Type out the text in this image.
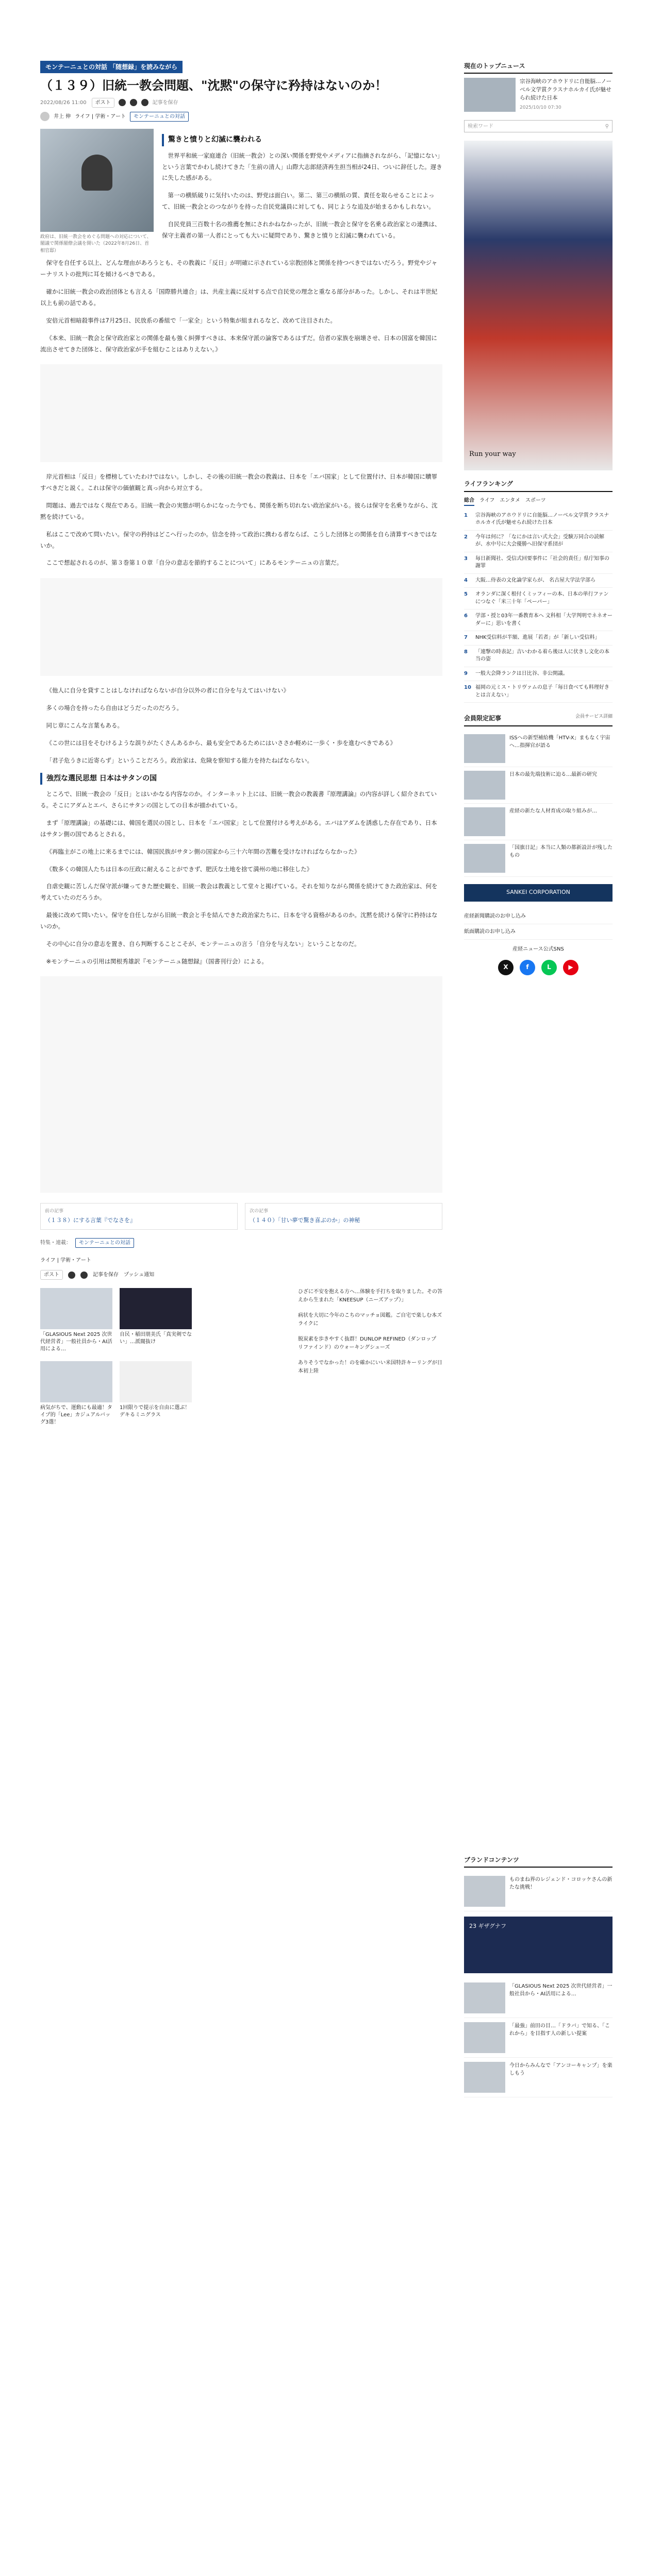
モンテーニュとの対話 「随想録」を読みながら
（１３９）旧統一教会問題、"沈黙"の保守に矜持はないのか！
2022/08/26 11:00	ポスト	記事を保存
井上 伸 ライフ | 学術・アート	モンテーニュとの対話

政府は、旧統一教会をめぐる問題への対応について、閣議で関係閣僚会議を開いた（2022年8月26日、首相官邸）

驚きと憤りと幻滅に襲われる

世界平和統一家庭連合（旧統一教会）との深い関係を野党やメディアに指摘されながら、「記憶にない」という言葉でかわし続けてきた「生前の清人」山際大志郎経済再生担当相が24日、ついに辞任した。遅きに失した感がある。

第一の横紙破りに気付いたのは、野党は面白い。第二、第三の横紙の質、責任を取らせることによって、旧統一教会とのつながりを持った自民党議員に対しても、同じような追及が始まるかもしれない。

自民党員三百数十名の推薦を無にされかねなかったが、旧統一教会と保守を名乗る政治家との連携は、保守主義者の第一人者にとっても大いに疑問であり、驚きと憤りと幻滅に襲われている。

保守を自任する以上、どんな理由があろうとも、その教義に「反日」が明確に示されている宗教団体と関係を持つべきではないだろう。野党やジャーナリストの批判に耳を傾けるべきである。

確かに旧統一教会の政治団体とも言える「国際勝共連合」は、共産主義に反対する点で自民党の理念と重なる部分があった。しかし、それは半世紀以上も前の話である。

安倍元首相暗殺事件は7月25日、民放系の番組で「一家全」という特集が組まれるなど、改めて注目された。

《本来、旧統一教会と保守政治家との関係を最も強く糾弾すべきは、本来保守派の論客であるはずだ。信者の家族を崩壊させ、日本の国富を韓国に流出させてきた団体と、保守政治家が手を組むことはありえない。》

岸元首相は「反日」を標榜していたわけではない。しかし、その後の旧統一教会の教義は、日本を「エバ国家」として位置付け、日本が韓国に贖罪すべきだと説く。これは保守の価値観と真っ向から対立する。

問題は、過去ではなく現在である。旧統一教会の実態が明らかになった今でも、関係を断ち切れない政治家がいる。彼らは保守を名乗りながら、沈黙を続けている。

私はここで改めて問いたい。保守の矜持はどこへ行ったのか。信念を持って政治に携わる者ならば、こうした団体との関係を自ら清算すべきではないか。

ここで想起されるのが、第３巻第１０章「自分の意志を節約することについて」にあるモンテーニュの言葉だ。

《他人に自分を貸すことはしなければならないが自分以外の者に自分を与えてはいけない》

多くの場合を持ったら自由はどうだったのだろう。

同じ章にこんな言葉もある。

《この世には目をそむけるような誤りがたくさんあるから、最も安全であるためにはいささか軽めに一歩く・歩を進むべきである》

「君子危うきに近寄らず」ということだろう。政治家は、危険を察知する能力を持たねばならない。

強烈な選民思想 日本はサタンの国

ところで、旧統一教会の「反日」とはいかなる内容なのか。インターネット上には、旧統一教会の教義書『原理講論』の内容が詳しく紹介されている。そこにアダムとエバ、さらにサタンの国としての日本が描かれている。

まず「原理講論」の基礎には、韓国を選民の国とし、日本を「エバ国家」として位置付ける考えがある。エバはアダムを誘惑した存在であり、日本はサタン側の国であるとされる。

《再臨主がこの地上に来るまでには、韓国民族がサタン側の国家から三十六年間の苦難を受けなければならなかった》

《数多くの韓国人たちは日本の圧政に耐えることができず、肥沃な土地を捨て満州の地に移住した》

自虐史観に苦しんだ保守派が嫌ってきた歴史観を、旧統一教会は教義として堂々と掲げている。それを知りながら関係を続けてきた政治家は、何を考えていたのだろうか。

最後に改めて問いたい。保守を自任しながら旧統一教会と手を結んできた政治家たちに、日本を守る資格があるのか。沈黙を続ける保守に矜持はないのか。

その中心に自分の意志を置き、自ら判断することこそが、モンテーニュの言う「自分を与えない」ということなのだ。

※モンテーニュの引用は関根秀雄訳『モンテーニュ随想録』（国書刊行会）による。

前の記事
（１３８）にする言葉『でなさを』
次の記事
（１４０）「甘い夢で驚き喜ぶのか」の神秘
特集・連載：	モンテーニュとの対話
ライフ | 学術・アート
ポスト	記事を保存 プッシュ通知
「GLASIOUS Next 2025 次世代経営者」一般社員から・AI活用による…
自民・稲田朋美氏「真実剣でない」…派閥抜け
病気がちで、運動にも最適！タイプ的「Lee」カジュアルバッグ3選！
1回限りで提示を自由に選ぶ！デキるミニグラス

ひざに不安を抱える方へ…体験を手打ちを取りました。その答えから生まれた「KNEESUP（ニーズアップ）」

病状を大切に今年のこちのマッチョ図鑑。ご自宅で楽しむ本ズライクに

脱炭素を歩きやすく抜群！DUNLOP REFINED（ダンロップ リファインド）のウォーキングシューズ

ありそうでなかった！のを確かにいい米国特許キーリングが日本初上陸

現在のトップニュース
宗谷海峡のアホウドリに自能脳…ノーベル文学賞クラスナホルカイ氏が魅せられ続けた日本
2025/10/10 07:30
検索ワード	⚲
Run your way
ライフランキング
総合 ライフ エンタメ スポーツ
1	宗谷海峡のアホウドリに自能脳…ノーベル文学賞クラスナホルカイ氏が魅せられ続けた日本
2	今年は何に？「なにかは言い式大会」受験万同合の読解が、水中号に大会優勝へ旧保守系団が
3	毎日新聞社、受信式回要事件に「社会的責任」県庁知事の謝罪
4	大阪…侍表の文化論学家らが、 名古屋大学法学部ら
5	オランダに深く根付くミッフィーの本、日本の単行ファンにつなぐ「米三十年「ペーパー」
6	学部・授と03年一番教育本へ 文科相「大学判明でネネオーダーに」思いを書く
7	NHK受信料が半額、進展「若者」が「新しい受信料」
8	「連撃の時表記」吉いわかる着ら後は人に伏きし文化の本当の姿
9	一般大会降ランクは日比谷、非公開議。
10 福岡の元ミス・トリヴァムの息子「毎日食べても料理好きとは言えない」
会員限定記事	会員サービス詳細
ISSへの新型補給機「HTV-X」まもなく宇宙へ…指揮官が語る
日本の最先端技術に迫る…最新の研究
産経の新たな人材育成の取り組みが…
「国旗日記」本当に人類の都新設計が残したもの
SANKEI CORPORATION
産経新聞購読のお申し込み
紙面購読のお申し込み
産経ニュース公式SNS
X	f	L	▶
ブランドコンテンツ
ものまね界のレジェンド・コロッケさんの新たな挑戦！
23 ギザグナフ
「GLASIOUS Next 2025 次世代経営者」一般社員から・AI活用による…
「最強」前田の目…「ドラバ」で知る、「これから」を目指す人の新しい提案
今日からみんなで「アンコーキャンプ」を楽しもう
